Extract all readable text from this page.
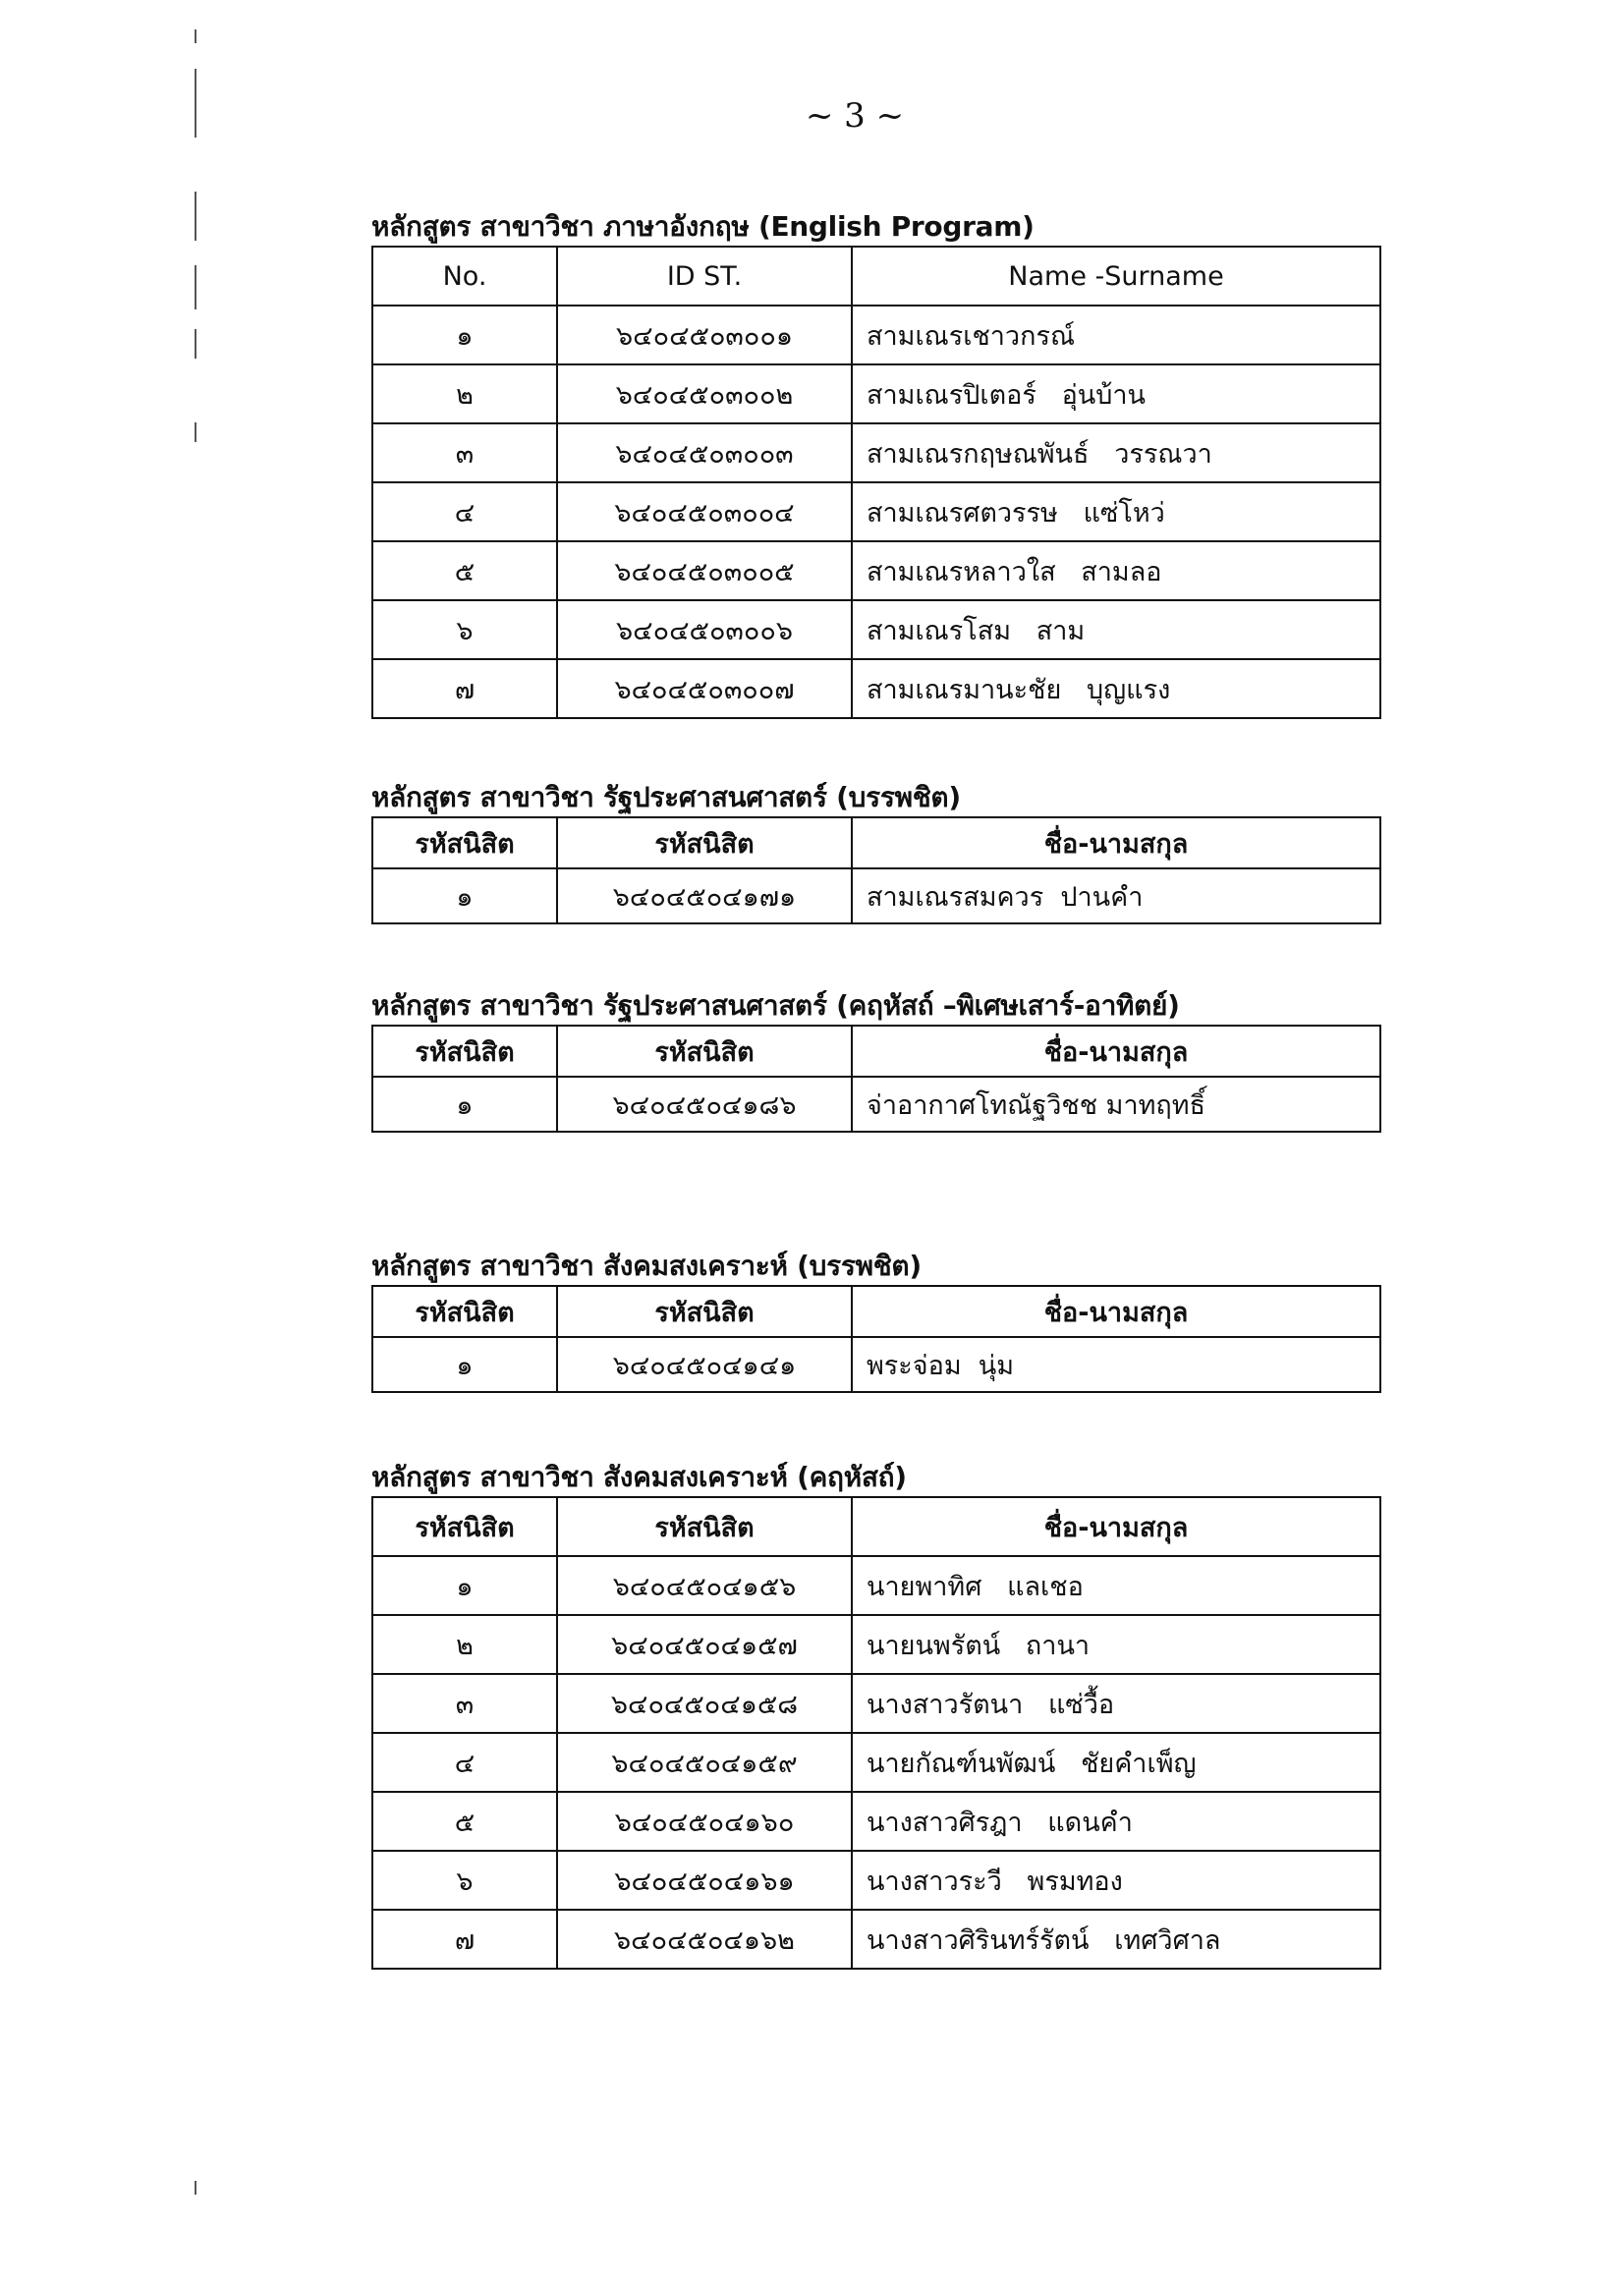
~ 3 ~
หลักสูตร สาขาวิชา ภาษาอังกฤษ (English Program)
No.	ID ST.	Name -Surname
๑	๖๔๐๔๕๐๓๐๐๑	สามเณรเชาวกรณ์
๒	๖๔๐๔๕๐๓๐๐๒	สามเณรปิเตอร์   อุ่นบ้าน
๓	๖๔๐๔๕๐๓๐๐๓	สามเณรกฤษณพันธ์   วรรณวา
๔	๖๔๐๔๕๐๓๐๐๔	สามเณรศตวรรษ   แซ่โหว่
๕	๖๔๐๔๕๐๓๐๐๕	สามเณรหลาวใส   สามลอ
๖	๖๔๐๔๕๐๓๐๐๖	สามเณรโสม   สาม
๗	๖๔๐๔๕๐๓๐๐๗	สามเณรมานะชัย   บุญแรง
หลักสูตร สาขาวิชา รัฐประศาสนศาสตร์ (บรรพชิต)
รหัสนิสิต	รหัสนิสิต	ชื่อ-นามสกุล
๑	๖๔๐๔๕๐๔๑๗๑	สามเณรสมควร  ปานคำ
หลักสูตร สาขาวิชา รัฐประศาสนศาสตร์ (คฤหัสถ์ –พิเศษเสาร์-อาทิตย์)
รหัสนิสิต	รหัสนิสิต	ชื่อ-นามสกุล
๑	๖๔๐๔๕๐๔๑๘๖	จ่าอากาศโทณัฐวิชช มาทฤทธิ์
หลักสูตร สาขาวิชา สังคมสงเคราะห์ (บรรพชิต)
รหัสนิสิต	รหัสนิสิต	ชื่อ-นามสกุล
๑	๖๔๐๔๕๐๔๑๔๑	พระจ่อม  นุ่ม
หลักสูตร สาขาวิชา สังคมสงเคราะห์ (คฤหัสถ์)
รหัสนิสิต	รหัสนิสิต	ชื่อ-นามสกุล
๑	๖๔๐๔๕๐๔๑๕๖	นายพาทิศ   แลเชอ
๒	๖๔๐๔๕๐๔๑๕๗	นายนพรัตน์   ถานา
๓	๖๔๐๔๕๐๔๑๕๘	นางสาวรัตนา   แซ่วื้อ
๔	๖๔๐๔๕๐๔๑๕๙	นายกัณฑ์นพัฒน์   ชัยคำเพ็ญ
๕	๖๔๐๔๕๐๔๑๖๐	นางสาวศิรฎา   แดนคำ
๖	๖๔๐๔๕๐๔๑๖๑	นางสาวระวี   พรมทอง
๗	๖๔๐๔๕๐๔๑๖๒	นางสาวศิรินทร์รัตน์   เทศวิศาล
